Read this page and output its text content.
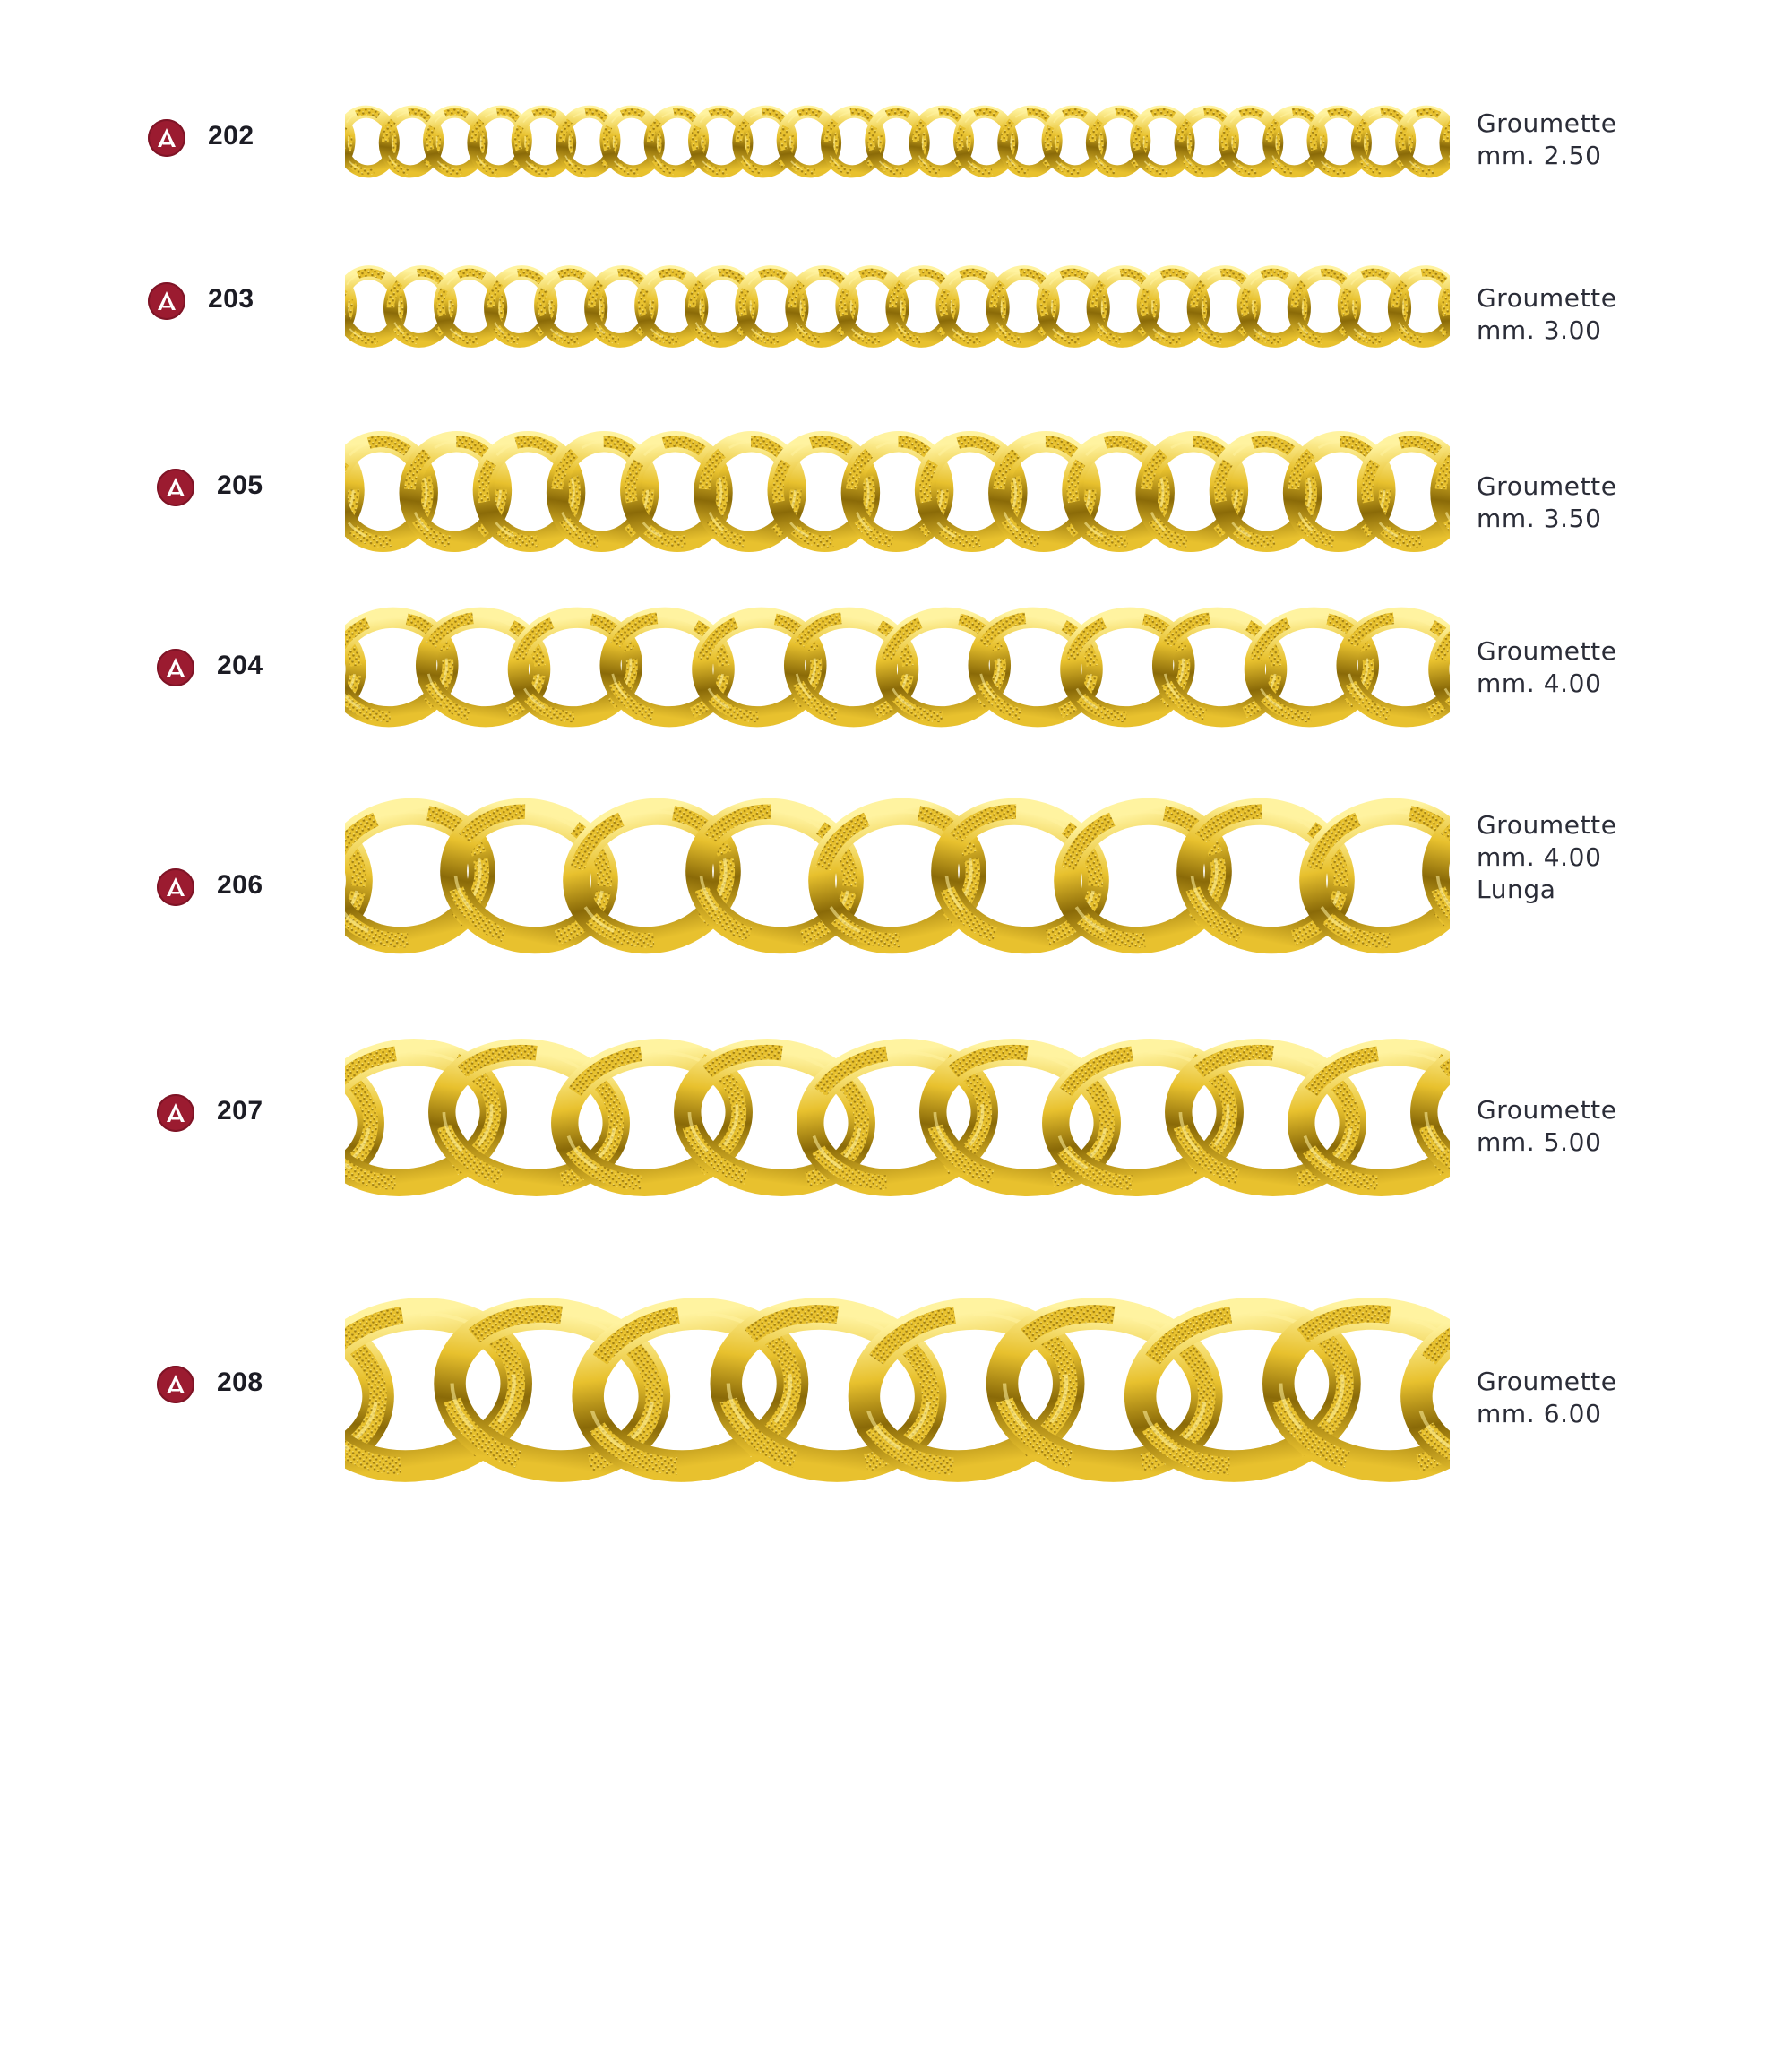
202	Groumette
mm. 2.50
203	Groumette
mm. 3.00
205	Groumette
mm. 3.50
204	Groumette
mm. 4.00
206
Groumette
mm. 4.00
Lunga
207	Groumette
mm. 5.00
208	Groumette
mm. 6.00
